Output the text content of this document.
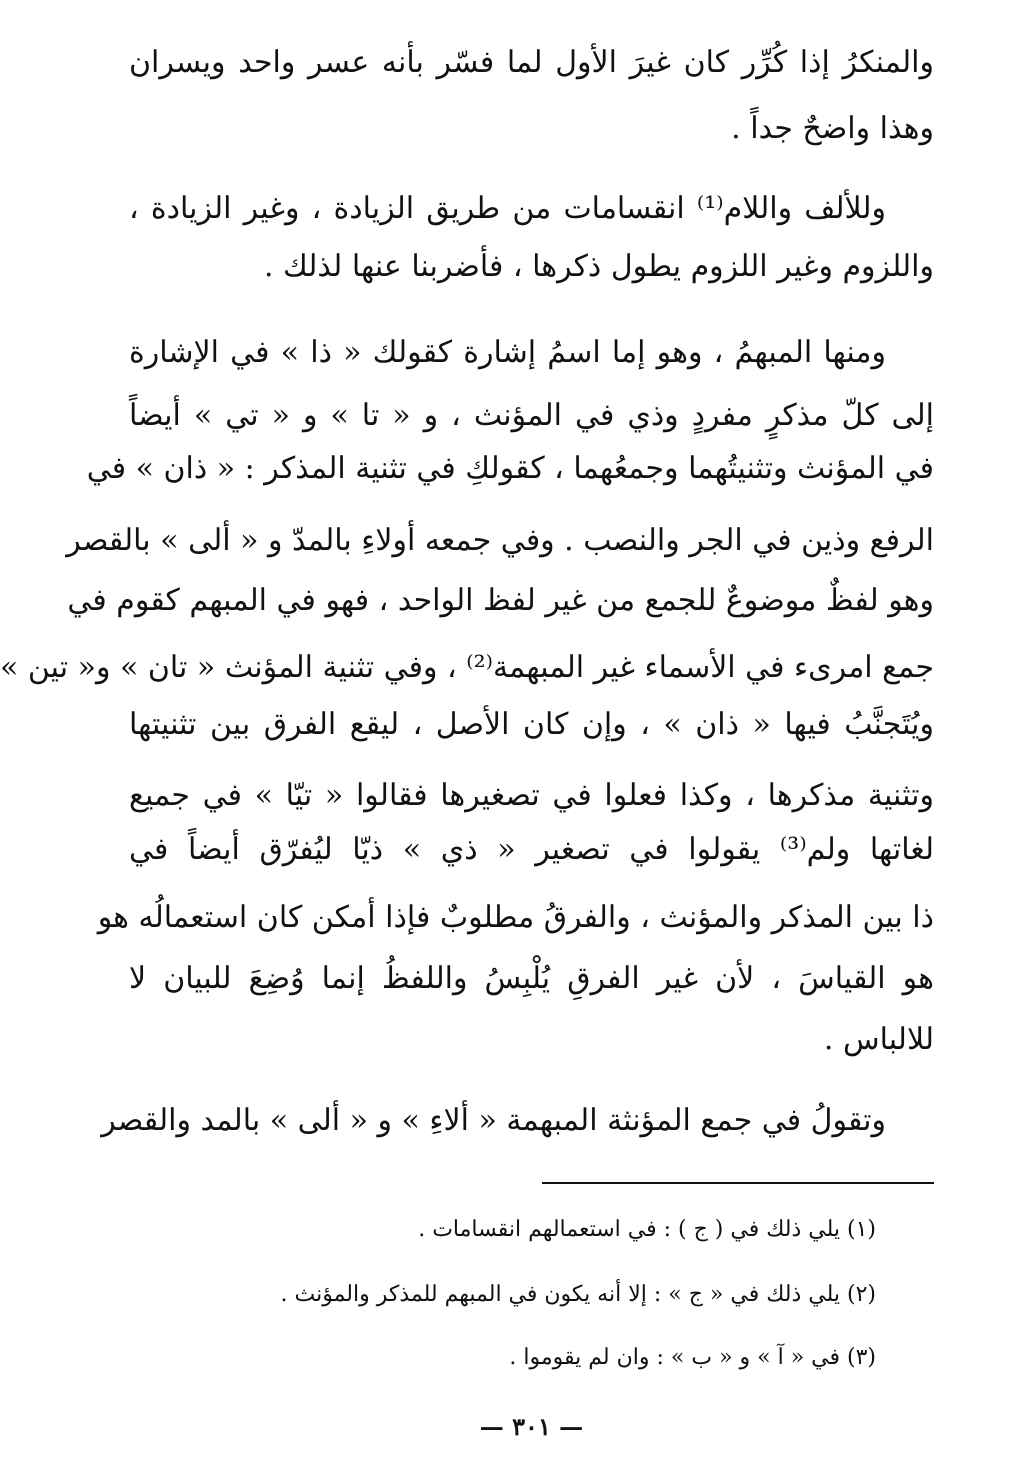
والمنكرُ إذا كُرِّر كان غيرَ الأول لما فسّر بأنه عسر واحد ويسران
وهذا واضحٌ جداً .
وللألف واللام⁽¹⁾ انقسامات من طريق الزيادة ، وغير الزيادة ،
واللزوم وغير اللزوم يطول ذكرها ، فأضربنا عنها لذلك .
ومنها المبهمُ ، وهو إما اسمُ إشارة كقولك « ذا » في الإشارة
إلى كلّ مذكرٍ مفردٍ وذي في المؤنث ، و « تا » و « تي » أيضاً
في المؤنث وتثنيتُهما وجمعُهما ، كقولكِ في تثنية المذكر : « ذان » في
الرفع وذين في الجر والنصب . وفي جمعه أولاءِ بالمدّ و « ألى » بالقصر
وهو لفظٌ موضوعٌ للجمع من غير لفظ الواحد ، فهو في المبهم كقوم في
جمع امرىء في الأسماء غير المبهمة⁽²⁾ ، وفي تثنية المؤنث « تان » و« تين »
ويُتَجنَّبُ فيها « ذان » ، وإن كان الأصل ، ليقع الفرق بين تثنيتها
وتثنية مذكرها ، وكذا فعلوا في تصغيرها فقالوا « تيّا » في جميع
لغاتها ولم⁽³⁾ يقولوا في تصغير « ذي » ذيّا ليُفرّق أيضاً في
ذا بين المذكر والمؤنث ، والفرقُ مطلوبٌ فإذا أمكن كان استعمالُه هو
هو القياسَ ، لأن غير الفرقِ يُلْبِسُ واللفظُ إنما وُضِعَ للبيان لا
للالباس .
وتقولُ في جمع المؤنثة المبهمة « ألاءِ » و « ألى » بالمد والقصر
(١) يلي ذلك في ( ج ) : في استعمالهم انقسامات .
(٢) يلي ذلك في « ج » : إلا أنه يكون في المبهم للمذكر والمؤنث .
(٣) في « آ » و « ب » : وان لم يقوموا .
— ٣٠١ —
